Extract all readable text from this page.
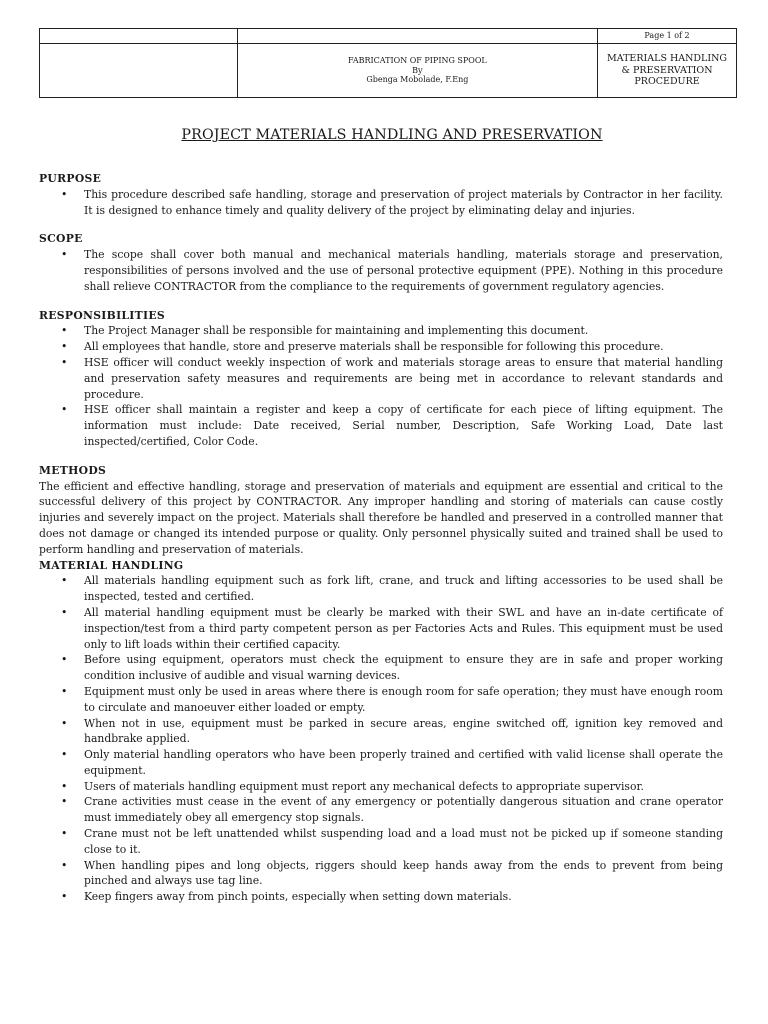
		Page 1 of 2

	FABRICATION OF PIPING SPOOL
By
Gbenga Mobolade, F.Eng	MATERIALS HANDLING & PRESERVATION PROCEDURE
PROJECT MATERIALS HANDLING AND PRESERVATION
PURPOSE
• This procedure described safe handling, storage and preservation of project materials by Contractor in her facility. It is designed to enhance timely and quality delivery of the project by eliminating delay and injuries.
SCOPE
• The scope shall cover both manual and mechanical materials handling, materials storage and preservation, responsibilities of persons involved and the use of personal protective equipment (PPE). Nothing in this procedure shall relieve CONTRACTOR from the compliance to the requirements of government regulatory agencies.
RESPONSIBILITIES
• The Project Manager shall be responsible for maintaining and implementing this document.
• All employees that handle, store and preserve materials shall be responsible for following this procedure.
• HSE officer will conduct weekly inspection of work and materials storage areas to ensure that material handling and preservation safety measures and requirements are being met in accordance to relevant standards and procedure.
• HSE officer shall maintain a register and keep a copy of certificate for each piece of lifting equipment. The information must include: Date received, Serial number, Description, Safe Working Load, Date last inspected/certified, Color Code.
METHODS

The efficient and effective handling, storage and preservation of materials and equipment are essential and critical to the successful delivery of this project by CONTRACTOR. Any improper handling and storing of materials can cause costly injuries and severely impact on the project. Materials shall therefore be handled and preserved in a controlled manner that does not damage or changed its intended purpose or quality. Only personnel physically suited and trained shall be used to perform handling and preservation of materials.

MATERIAL HANDLING
• All materials handling equipment such as fork lift, crane, and truck and lifting accessories to be used shall be inspected, tested and certified.
• All material handling equipment must be clearly be marked with their SWL and have an in-date certificate of inspection/test from a third party competent person as per Factories Acts and Rules. This equipment must be used only to lift loads within their certified capacity.
• Before using equipment, operators must check the equipment to ensure they are in safe and proper working condition inclusive of audible and visual warning devices.
• Equipment must only be used in areas where there is enough room for safe operation; they must have enough room to circulate and manoeuver either loaded or empty.
• When not in use, equipment must be parked in secure areas, engine switched off, ignition key removed and handbrake applied.
• Only material handling operators who have been properly trained and certified with valid license shall operate the equipment.
• Users of materials handling equipment must report any mechanical defects to appropriate supervisor.
• Crane activities must cease in the event of any emergency or potentially dangerous situation and crane operator must immediately obey all emergency stop signals.
• Crane must not be left unattended whilst suspending load and a load must not be picked up if someone standing close to it.
• When handling pipes and long objects, riggers should keep hands away from the ends to prevent from being pinched and always use tag line.
• Keep fingers away from pinch points, especially when setting down materials.
